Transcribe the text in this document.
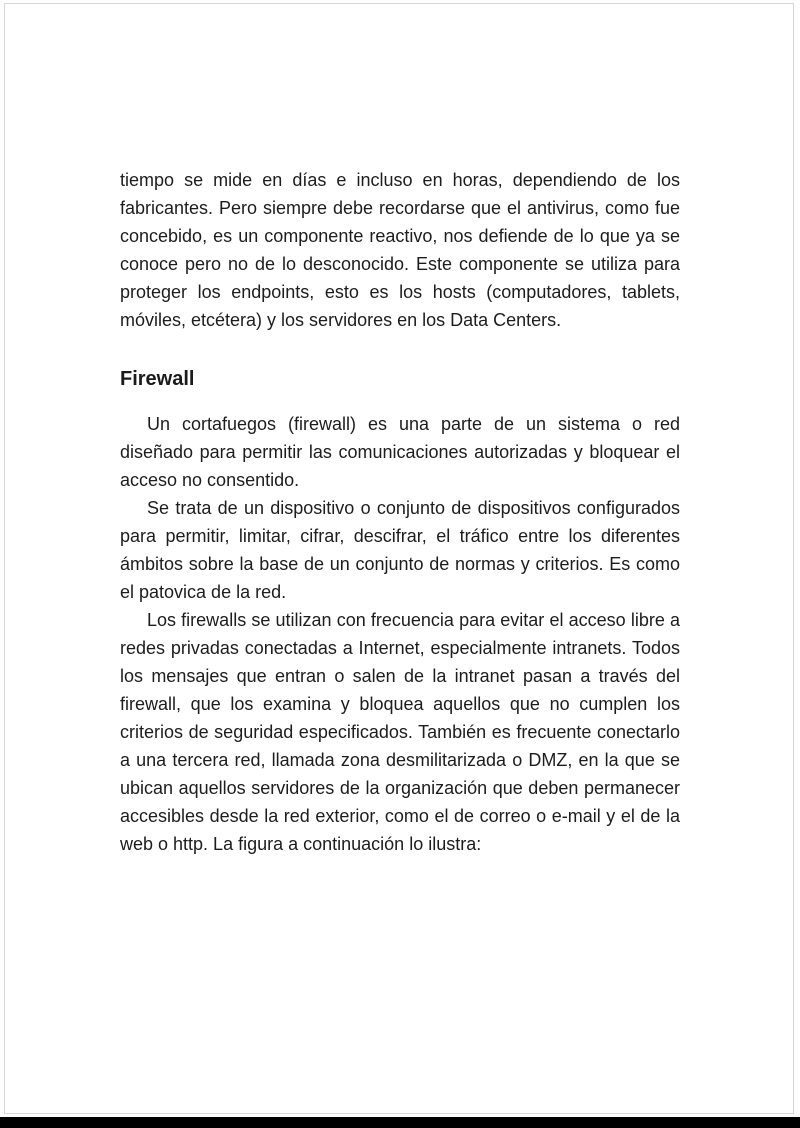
tiempo se mide en días e incluso en horas, dependiendo de los fabricantes. Pero siempre debe recordarse que el antivirus, como fue concebido, es un componente reactivo, nos defiende de lo que ya se conoce pero no de lo desconocido. Este componente se utiliza para proteger los endpoints, esto es los hosts (computadores, tablets, móviles, etcétera) y los servidores en los Data Centers.

Firewall

Un cortafuegos (firewall) es una parte de un sistema o red diseñado para permitir las comunicaciones autorizadas y bloquear el acceso no consentido.

Se trata de un dispositivo o conjunto de dispositivos configurados para permitir, limitar, cifrar, descifrar, el tráfico entre los diferentes ámbitos sobre la base de un conjunto de normas y criterios. Es como el patovica de la red.

Los firewalls se utilizan con frecuencia para evitar el acceso libre a redes privadas conectadas a Internet, especialmente intranets. Todos los mensajes que entran o salen de la intranet pasan a través del firewall, que los examina y bloquea aquellos que no cumplen los criterios de seguridad especificados. También es frecuente conectarlo a una tercera red, llamada zona desmilitarizada o DMZ, en la que se ubican aquellos servidores de la organización que deben permanecer accesibles desde la red exterior, como el de correo o e-mail y el de la web o http. La figura a continuación lo ilustra:
